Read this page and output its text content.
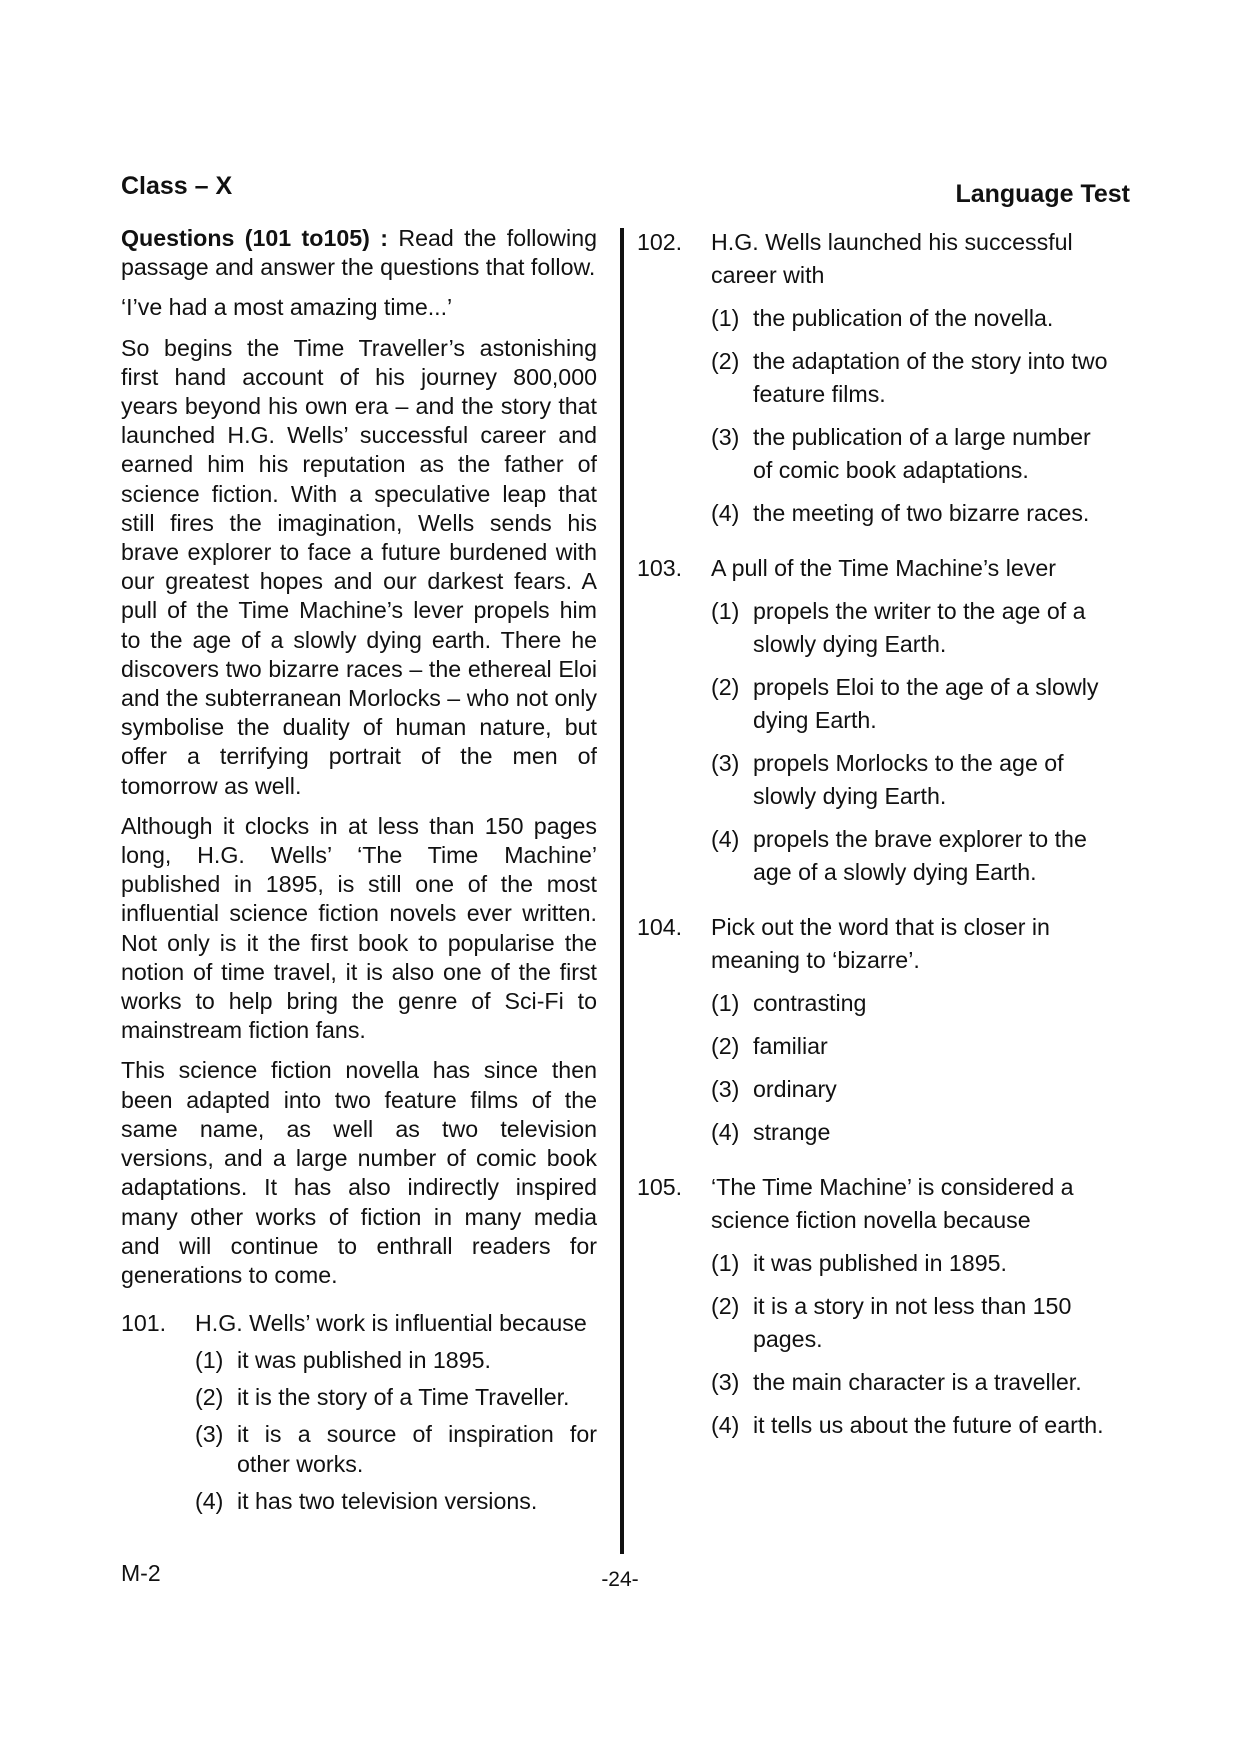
Class – X	Language Test

Questions (101 to105) : Read the following passage and answer the questions that follow.

‘I’ve had a most amazing time...’

So begins the Time Traveller’s astonishing first hand account of his journey 800,000 years beyond his own era – and the story that launched H.G. Wells’ successful career and earned him his reputation as the father of science fiction. With a speculative leap that still fires the imagination, Wells sends his brave explorer to face a future burdened with our greatest hopes and our darkest fears. A pull of the Time Machine’s lever propels him to the age of a slowly dying earth. There he discovers two bizarre races – the ethereal Eloi and the subterranean Morlocks – who not only symbolise the duality of human nature, but offer a terrifying portrait of the men of tomorrow as well.

Although it clocks in at less than 150 pages long, H.G. Wells’ ‘The Time Machine’ published in 1895, is still one of the most influential science fiction novels ever written. Not only is it the first book to popularise the notion of time travel, it is also one of the first works to help bring the genre of Sci-Fi to mainstream fiction fans.

This science fiction novella has since then been adapted into two feature films of the same name, as well as two television versions, and a large number of comic book adaptations. It has also indirectly inspired many other works of fiction in many media and will continue to enthrall readers for generations to come.

101.	H.G. Wells’ work is influential because
(1) it was published in 1895.
(2) it is the story of a Time Traveller.
(3) it is a source of inspiration for other works.
(4) it has two television versions.
102.	H.G. Wells launched his successful career with
(1) the publication of the novella.
(2) the adaptation of the story into two feature films.
(3) the publication of a large number of comic book adaptations.
(4) the meeting of two bizarre races.
103.	A pull of the Time Machine’s lever
(1) propels the writer to the age of a slowly dying Earth.
(2) propels Eloi to the age of a slowly dying Earth.
(3) propels Morlocks to the age of slowly dying Earth.
(4) propels the brave explorer to the age of a slowly dying Earth.
104.	Pick out the word that is closer in meaning to ‘bizarre’.
(1) contrasting
(2) familiar
(3) ordinary
(4) strange
105.	‘The Time Machine’ is considered a science fiction novella because
(1) it was published in 1895.
(2) it is a story in not less than 150 pages.
(3) the main character is a traveller.
(4) it tells us about the future of earth.
M-2	-24-
